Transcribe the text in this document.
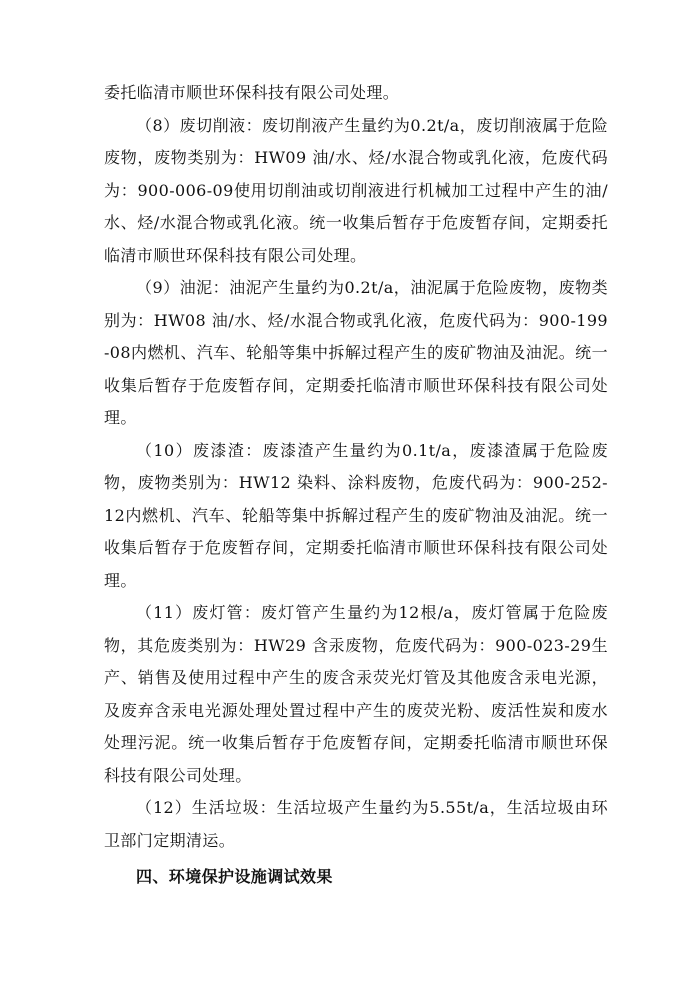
委托临清市顺世环保科技有限公司处理。

（8）废切削液：废切削液产生量约为0.2t/a，废切削液属于危险废物，废物类别为：HW09 油/水、烃/水混合物或乳化液，危废代码为：900-006-09使用切削油或切削液进行机械加工过程中产生的油/水、烃/水混合物或乳化液。统一收集后暂存于危废暂存间，定期委托临清市顺世环保科技有限公司处理。

（9）油泥：油泥产生量约为0.2t/a，油泥属于危险废物，废物类别为：HW08 油/水、烃/水混合物或乳化液，危废代码为：900-199-08内燃机、汽车、轮船等集中拆解过程产生的废矿物油及油泥。统一收集后暂存于危废暂存间，定期委托临清市顺世环保科技有限公司处理。

（10）废漆渣：废漆渣产生量约为0.1t/a，废漆渣属于危险废物，废物类别为：HW12 染料、涂料废物，危废代码为：900-252-12内燃机、汽车、轮船等集中拆解过程产生的废矿物油及油泥。统一收集后暂存于危废暂存间，定期委托临清市顺世环保科技有限公司处理。

（11）废灯管：废灯管产生量约为12根/a，废灯管属于危险废物，其危废类别为：HW29 含汞废物，危废代码为：900-023-29生产、销售及使用过程中产生的废含汞荧光灯管及其他废含汞电光源，及废弃含汞电光源处理处置过程中产生的废荧光粉、废活性炭和废水处理污泥。统一收集后暂存于危废暂存间，定期委托临清市顺世环保科技有限公司处理。

（12）生活垃圾：生活垃圾产生量约为5.55t/a，生活垃圾由环卫部门定期清运。

四、环境保护设施调试效果
